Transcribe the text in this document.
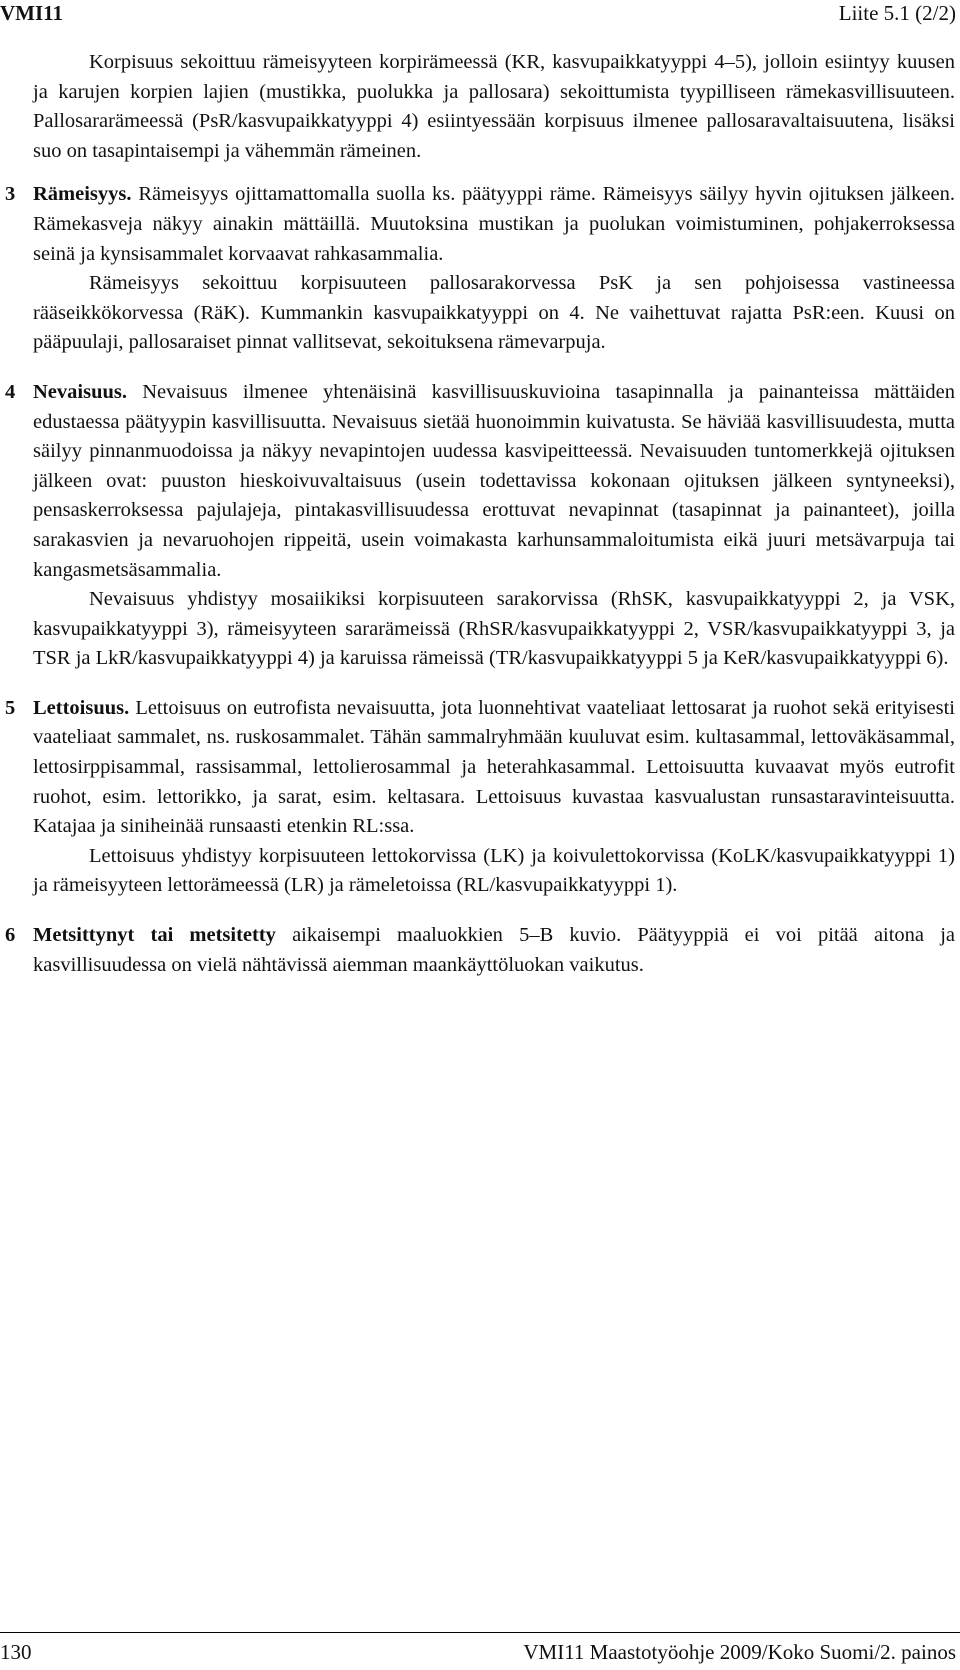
VMI11	Liite 5.1 (2/2)

Korpisuus sekoittuu rämeisyyteen korpirämeessä (KR, kasvupaikkatyyppi 4–5), jolloin esiintyy kuusen ja karujen korpien lajien (mustikka, puolukka ja pallosara) sekoittumista tyypilliseen rämekasvillisuuteen. Pallosararämeessä (PsR/kasvupaikkatyyppi 4) esiintyessään korpisuus ilmenee pallosaravaltaisuutena, lisäksi suo on tasapintaisempi ja vähemmän rämeinen.

3 Rämeisyys. Rämeisyys ojittamattomalla suolla ks. päätyyppi räme. Rämeisyys säilyy hyvin ojituksen jälkeen. Rämekasveja näkyy ainakin mättäillä. Muutoksina mustikan ja puolukan voimistuminen, pohjakerroksessa seinä ja kynsisammalet korvaavat rahkasammalia.

Rämeisyys sekoittuu korpisuuteen pallosarakorvessa PsK ja sen pohjoisessa vastineessa rääseikkökorvessa (RäK). Kummankin kasvupaikkatyyppi on 4. Ne vaihettuvat rajatta PsR:een. Kuusi on pääpuulaji, pallosaraiset pinnat vallitsevat, sekoituksena rämevarpuja.

4 Nevaisuus. Nevaisuus ilmenee yhtenäisinä kasvillisuuskuvioina tasapinnalla ja painanteissa mättäiden edustaessa päätyypin kasvillisuutta. Nevaisuus sietää huonoimmin kuivatusta. Se häviää kasvillisuudesta, mutta säilyy pinnanmuodoissa ja näkyy nevapintojen uudessa kasvipeitteessä. Nevaisuuden tuntomerkkejä ojituksen jälkeen ovat: puuston hieskoivuvaltaisuus (usein todettavissa kokonaan ojituksen jälkeen syntyneeksi), pensaskerroksessa pajulajeja, pintakasvillisuudessa erottuvat nevapinnat (tasapinnat ja painanteet), joilla sarakasvien ja nevaruohojen rippeitä, usein voimakasta karhunsammaloitumista eikä juuri metsävarpuja tai kangasmetsäsammalia.

Nevaisuus yhdistyy mosaiikiksi korpisuuteen sarakorvissa (RhSK, kasvupaikkatyyppi 2, ja VSK, kasvupaikkatyyppi 3), rämeisyyteen sararämeissä (RhSR/kasvupaikkatyyppi 2, VSR/kasvupaikkatyyppi 3, ja TSR ja LkR/kasvupaikkatyyppi 4) ja karuissa rämeissä (TR/kasvupaikkatyyppi 5 ja KeR/kasvupaikkatyyppi 6).

5 Lettoisuus. Lettoisuus on eutrofista nevaisuutta, jota luonnehtivat vaateliaat lettosarat ja ruohot sekä erityisesti vaateliaat sammalet, ns. ruskosammalet. Tähän sammalryhmään kuuluvat esim. kultasammal, lettoväkäsammal, lettosirppisammal, rassisammal, lettolierosammal ja heterahkasammal. Lettoisuutta kuvaavat myös eutrofit ruohot, esim. lettorikko, ja sarat, esim. keltasara. Lettoisuus kuvastaa kasvualustan runsastaravinteisuutta. Katajaa ja siniheinää runsaasti etenkin RL:ssa.

Lettoisuus yhdistyy korpisuuteen lettokorvissa (LK) ja koivulettokorvissa (KoLK/kasvupaikkatyyppi 1) ja rämeisyyteen lettorämeessä (LR) ja rämeletoissa (RL/kasvupaikkatyyppi 1).

6 Metsittynyt tai metsitetty aikaisempi maaluokkien 5–B kuvio. Päätyyppiä ei voi pitää aitona ja kasvillisuudessa on vielä nähtävissä aiemman maankäyttöluokan vaikutus.

130	VMI11 Maastotyöohje 2009/Koko Suomi/2. painos
